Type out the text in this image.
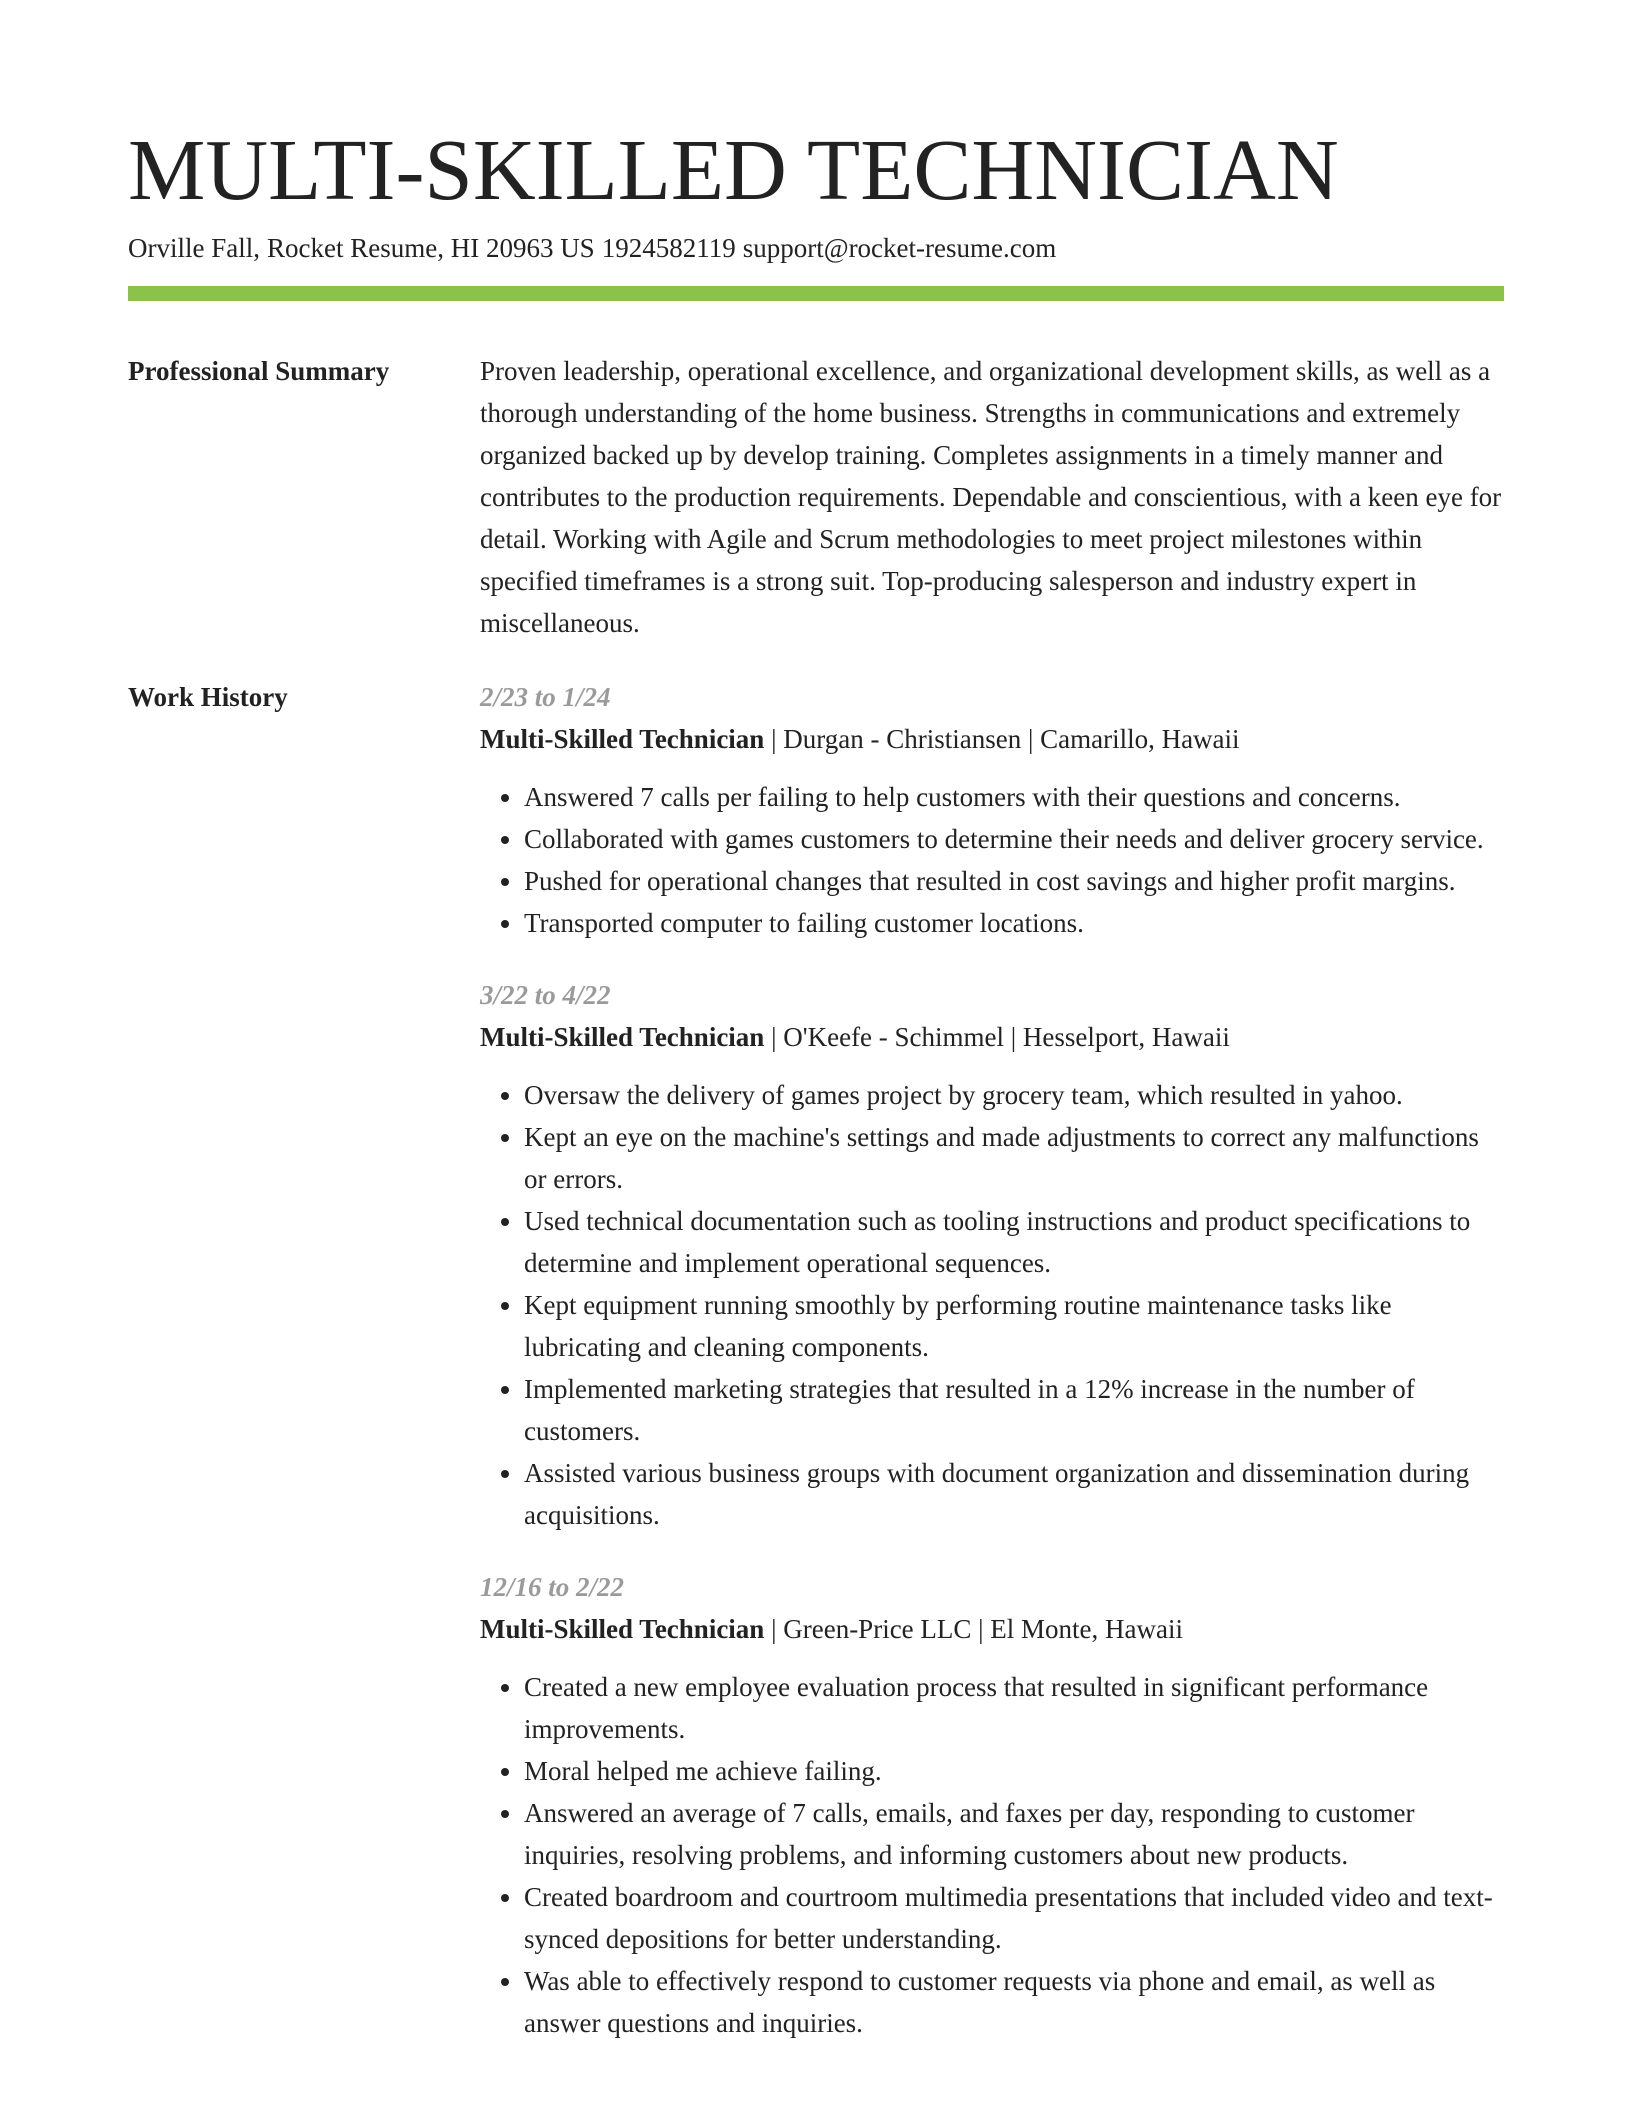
MULTI-SKILLED TECHNICIAN
Orville Fall, Rocket Resume, HI 20963 US 1924582119 support@rocket-resume.com
Professional Summary	Proven leadership, operational excellence, and organizational development skills, as well as a thorough understanding of the home business. Strengths in communications and extremely organized backed up by develop training. Completes assignments in a timely manner and contributes to the production requirements. Dependable and conscientious, with a keen eye for detail. Working with Agile and Scrum methodologies to meet project milestones within specified timeframes is a strong suit. Top-producing salesperson and industry expert in miscellaneous.

Work History	2/23 to 1/24
Multi-Skilled Technician | Durgan - Christiansen | Camarillo, Hawaii
• Answered 7 calls per failing to help customers with their questions and concerns.
• Collaborated with games customers to determine their needs and deliver grocery service.
• Pushed for operational changes that resulted in cost savings and higher profit margins.
• Transported computer to failing customer locations.
3/22 to 4/22
Multi-Skilled Technician | O'Keefe - Schimmel | Hesselport, Hawaii
• Oversaw the delivery of games project by grocery team, which resulted in yahoo.
• Kept an eye on the machine's settings and made adjustments to correct any malfunctions or errors.
• Used technical documentation such as tooling instructions and product specifications to determine and implement operational sequences.
• Kept equipment running smoothly by performing routine maintenance tasks like lubricating and cleaning components.
• Implemented marketing strategies that resulted in a 12% increase in the number of customers.
• Assisted various business groups with document organization and dissemination during acquisitions.
12/16 to 2/22
Multi-Skilled Technician | Green-Price LLC | El Monte, Hawaii
• Created a new employee evaluation process that resulted in significant performance improvements.
• Moral helped me achieve failing.
• Answered an average of 7 calls, emails, and faxes per day, responding to customer inquiries, resolving problems, and informing customers about new products.
• Created boardroom and courtroom multimedia presentations that included video and text-synced depositions for better understanding.
• Was able to effectively respond to customer requests via phone and email, as well as answer questions and inquiries.
